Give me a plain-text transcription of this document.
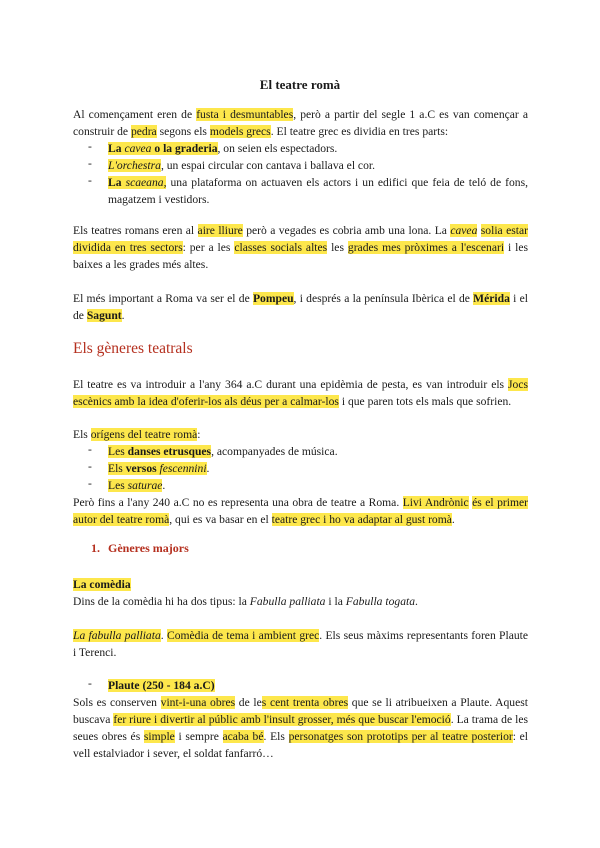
El teatre romà
Al començament eren de fusta i desmuntables, però a partir del segle 1 a.C es van començar a construir de pedra segons els models grecs. El teatre grec es dividia en tres parts:
- La cavea o la graderia, on seien els espectadors.
- L'orchestra, un espai circular con cantava i ballava el cor.
- La scaeana, una plataforma on actuaven els actors i un edifici que feia de teló de fons, magatzem i vestidors.
Els teatres romans eren al aire lliure però a vegades es cobria amb una lona. La cavea solia estar dividida en tres sectors: per a les classes socials altes les grades mes pròximes a l'escenari i les baixes a les grades més altes.
El més important a Roma va ser el de Pompeu, i després a la península Ibèrica el de Mérida i el de Sagunt.
Els gèneres teatrals
El teatre es va introduir a l'any 364 a.C durant una epidèmia de pesta, es van introduir els Jocs escènics amb la idea d'oferir-los als déus per a calmar-los i que paren tots els mals que sofrien.
Els orígens del teatre romà:
- Les danses etrusques, acompanyades de música.
- Els versos fescennini.
- Les saturae.
Però fins a l'any 240 a.C no es representa una obra de teatre a Roma. Livi Andrònic és el primer autor del teatre romà, qui es va basar en el teatre grec i ho va adaptar al gust romà.
1. Gèneres majors
La comèdia
Dins de la comèdia hi ha dos tipus: la Fabulla palliata i la Fabulla togata.
La fabulla palliata. Comèdia de tema i ambient grec. Els seus màxims representants foren Plaute i Terenci.
- Plaute (250 - 184 a.C)
Sols es conserven vint-i-una obres de les cent trenta obres que se li atribueixen a Plaute. Aquest buscava fer riure i divertir al públic amb l'insult grosser, més que buscar l'emoció. La trama de les seues obres és simple i sempre acaba bé. Els personatges son prototips per al teatre posterior: el vell estalviador i sever, el soldat fanfarró…
